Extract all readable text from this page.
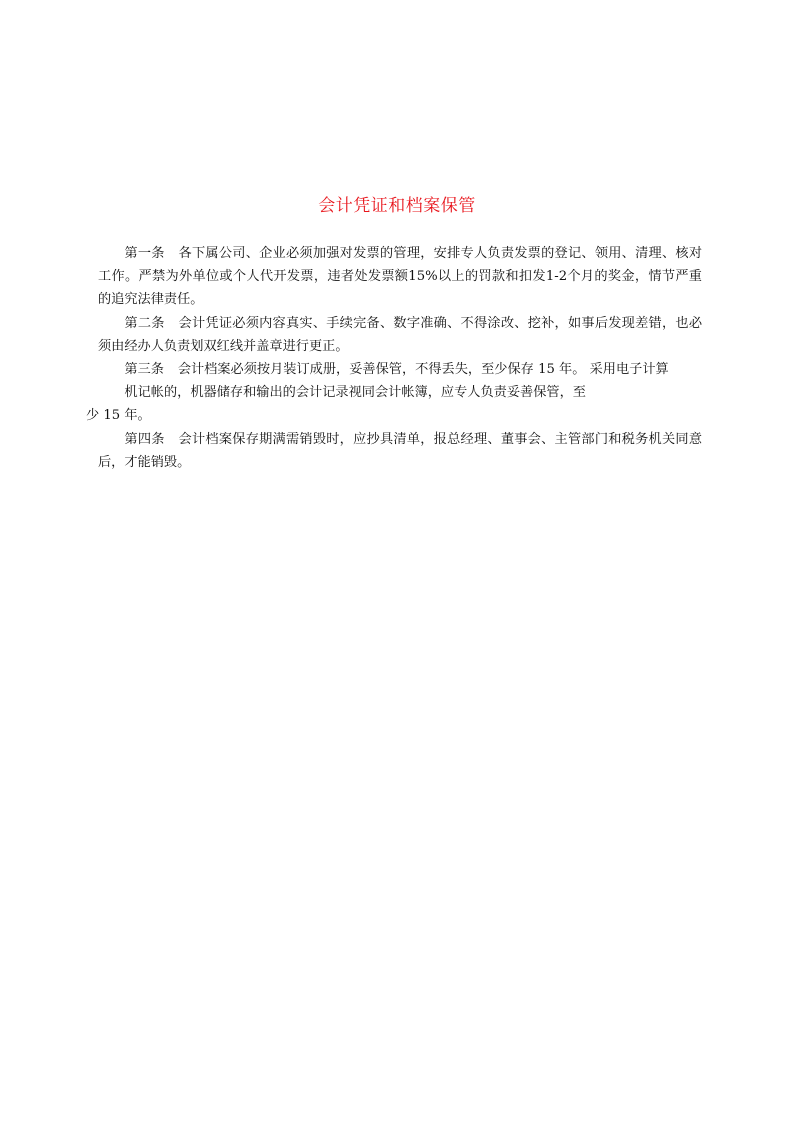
会计凭证和档案保管

第一条 各下属公司、企业必须加强对发票的管理，安排专人负责发票的登记、领用、清理、核对工作。严禁为外单位或个人代开发票，违者处发票额15%以上的罚款和扣发1-2个月的奖金，情节严重的追究法律责任。

第二条 会计凭证必须内容真实、手续完备、数字准确、不得涂改、挖补，如事后发现差错，也必须由经办人负责划双红线并盖章进行更正。

第三条 会计档案必须按月装订成册，妥善保管，不得丢失，至少保存 15 年。 采用电子计算
机记帐的，机器储存和输出的会计记录视同会计帐簿，应专人负责妥善保管，至
少 15 年。

第四条 会计档案保存期满需销毁时，应抄具清单，报总经理、董事会、主管部门和税务机关同意后，才能销毁。
